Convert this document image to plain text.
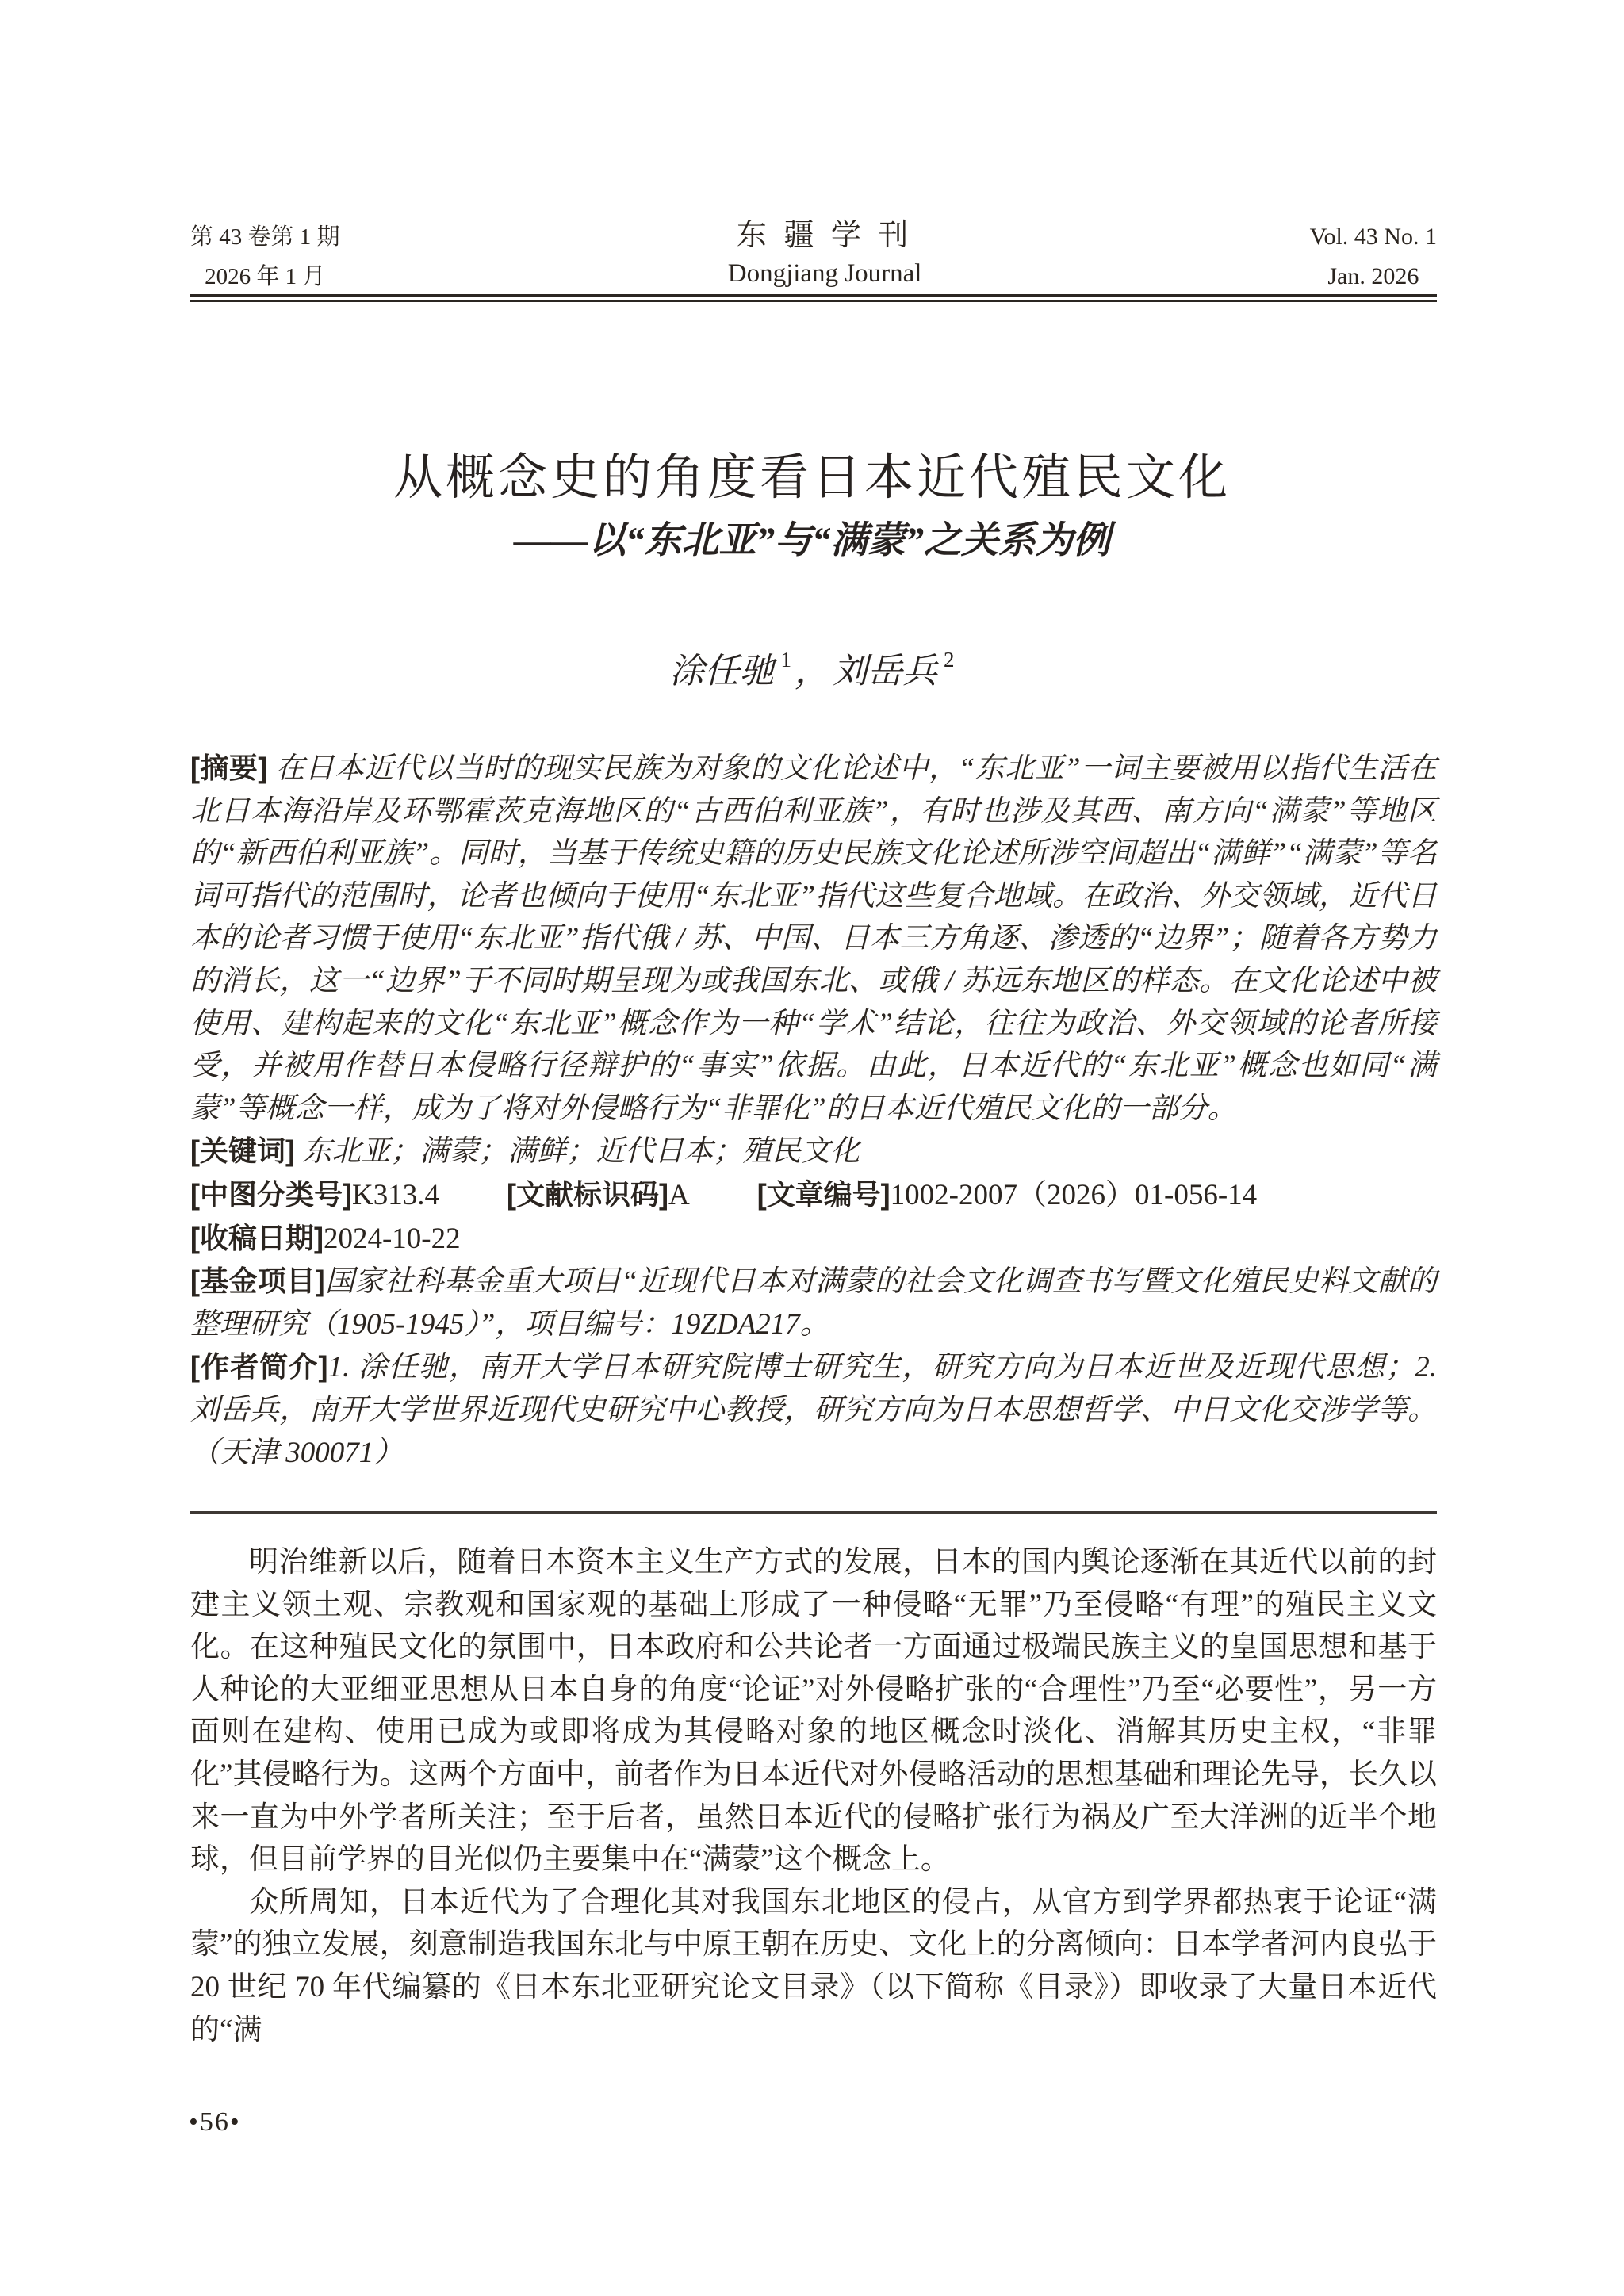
第 43 卷第 1 期
2026 年 1 月
东 疆 学 刊
Dongjiang Journal
Vol. 43 No. 1
Jan. 2026
从概念史的角度看日本近代殖民文化
——以“东北亚”与“满蒙”之关系为例
涂任驰 $^1$，刘岳兵 $^2$

[摘要] 在日本近代以当时的现实民族为对象的文化论述中，“东北亚”一词主要被用以指代生活在北日本海沿岸及环鄂霍茨克海地区的“古西伯利亚族”，有时也涉及其西、南方向“满蒙”等地区的“新西伯利亚族”。同时，当基于传统史籍的历史民族文化论述所涉空间超出“满鲜”“满蒙”等名词可指代的范围时，论者也倾向于使用“东北亚”指代这些复合地域。在政治、外交领域，近代日本的论者习惯于使用“东北亚”指代俄 / 苏、中国、日本三方角逐、渗透的“边界”；随着各方势力的消长，这一“边界”于不同时期呈现为或我国东北、或俄 / 苏远东地区的样态。在文化论述中被使用、建构起来的文化“东北亚”概念作为一种“学术”结论，往往为政治、外交领域的论者所接受，并被用作替日本侵略行径辩护的“事实”依据。由此，日本近代的“东北亚”概念也如同“满蒙”等概念一样，成为了将对外侵略行为“非罪化”的日本近代殖民文化的一部分。

[关键词] 东北亚；满蒙；满鲜；近代日本；殖民文化

[中图分类号]K313.4 [文献标识码]A [文章编号]1002-2007（2026）01-056-14

[收稿日期]2024-10-22

[基金项目]国家社科基金重大项目“近现代日本对满蒙的社会文化调查书写暨文化殖民史料文献的整理研究（1905-1945）”，项目编号：19ZDA217。

[作者简介]1. 涂任驰，南开大学日本研究院博士研究生，研究方向为日本近世及近现代思想；2. 刘岳兵，南开大学世界近现代史研究中心教授，研究方向为日本思想哲学、中日文化交涉学等。（天津 300071）

明治维新以后，随着日本资本主义生产方式的发展，日本的国内舆论逐渐在其近代以前的封建主义领土观、宗教观和国家观的基础上形成了一种侵略“无罪”乃至侵略“有理”的殖民主义文化。在这种殖民文化的氛围中，日本政府和公共论者一方面通过极端民族主义的皇国思想和基于人种论的大亚细亚思想从日本自身的角度“论证”对外侵略扩张的“合理性”乃至“必要性”，另一方面则在建构、使用已成为或即将成为其侵略对象的地区概念时淡化、消解其历史主权，“非罪化”其侵略行为。这两个方面中，前者作为日本近代对外侵略活动的思想基础和理论先导，长久以来一直为中外学者所关注；至于后者，虽然日本近代的侵略扩张行为祸及广至大洋洲的近半个地球，但目前学界的目光似仍主要集中在“满蒙”这个概念上。

众所周知，日本近代为了合理化其对我国东北地区的侵占，从官方到学界都热衷于论证“满蒙”的独立发展，刻意制造我国东北与中原王朝在历史、文化上的分离倾向：日本学者河内良弘于 20 世纪 70 年代编纂的《日本东北亚研究论文目录》（以下简称《目录》）即收录了大量日本近代的“满

•56•
